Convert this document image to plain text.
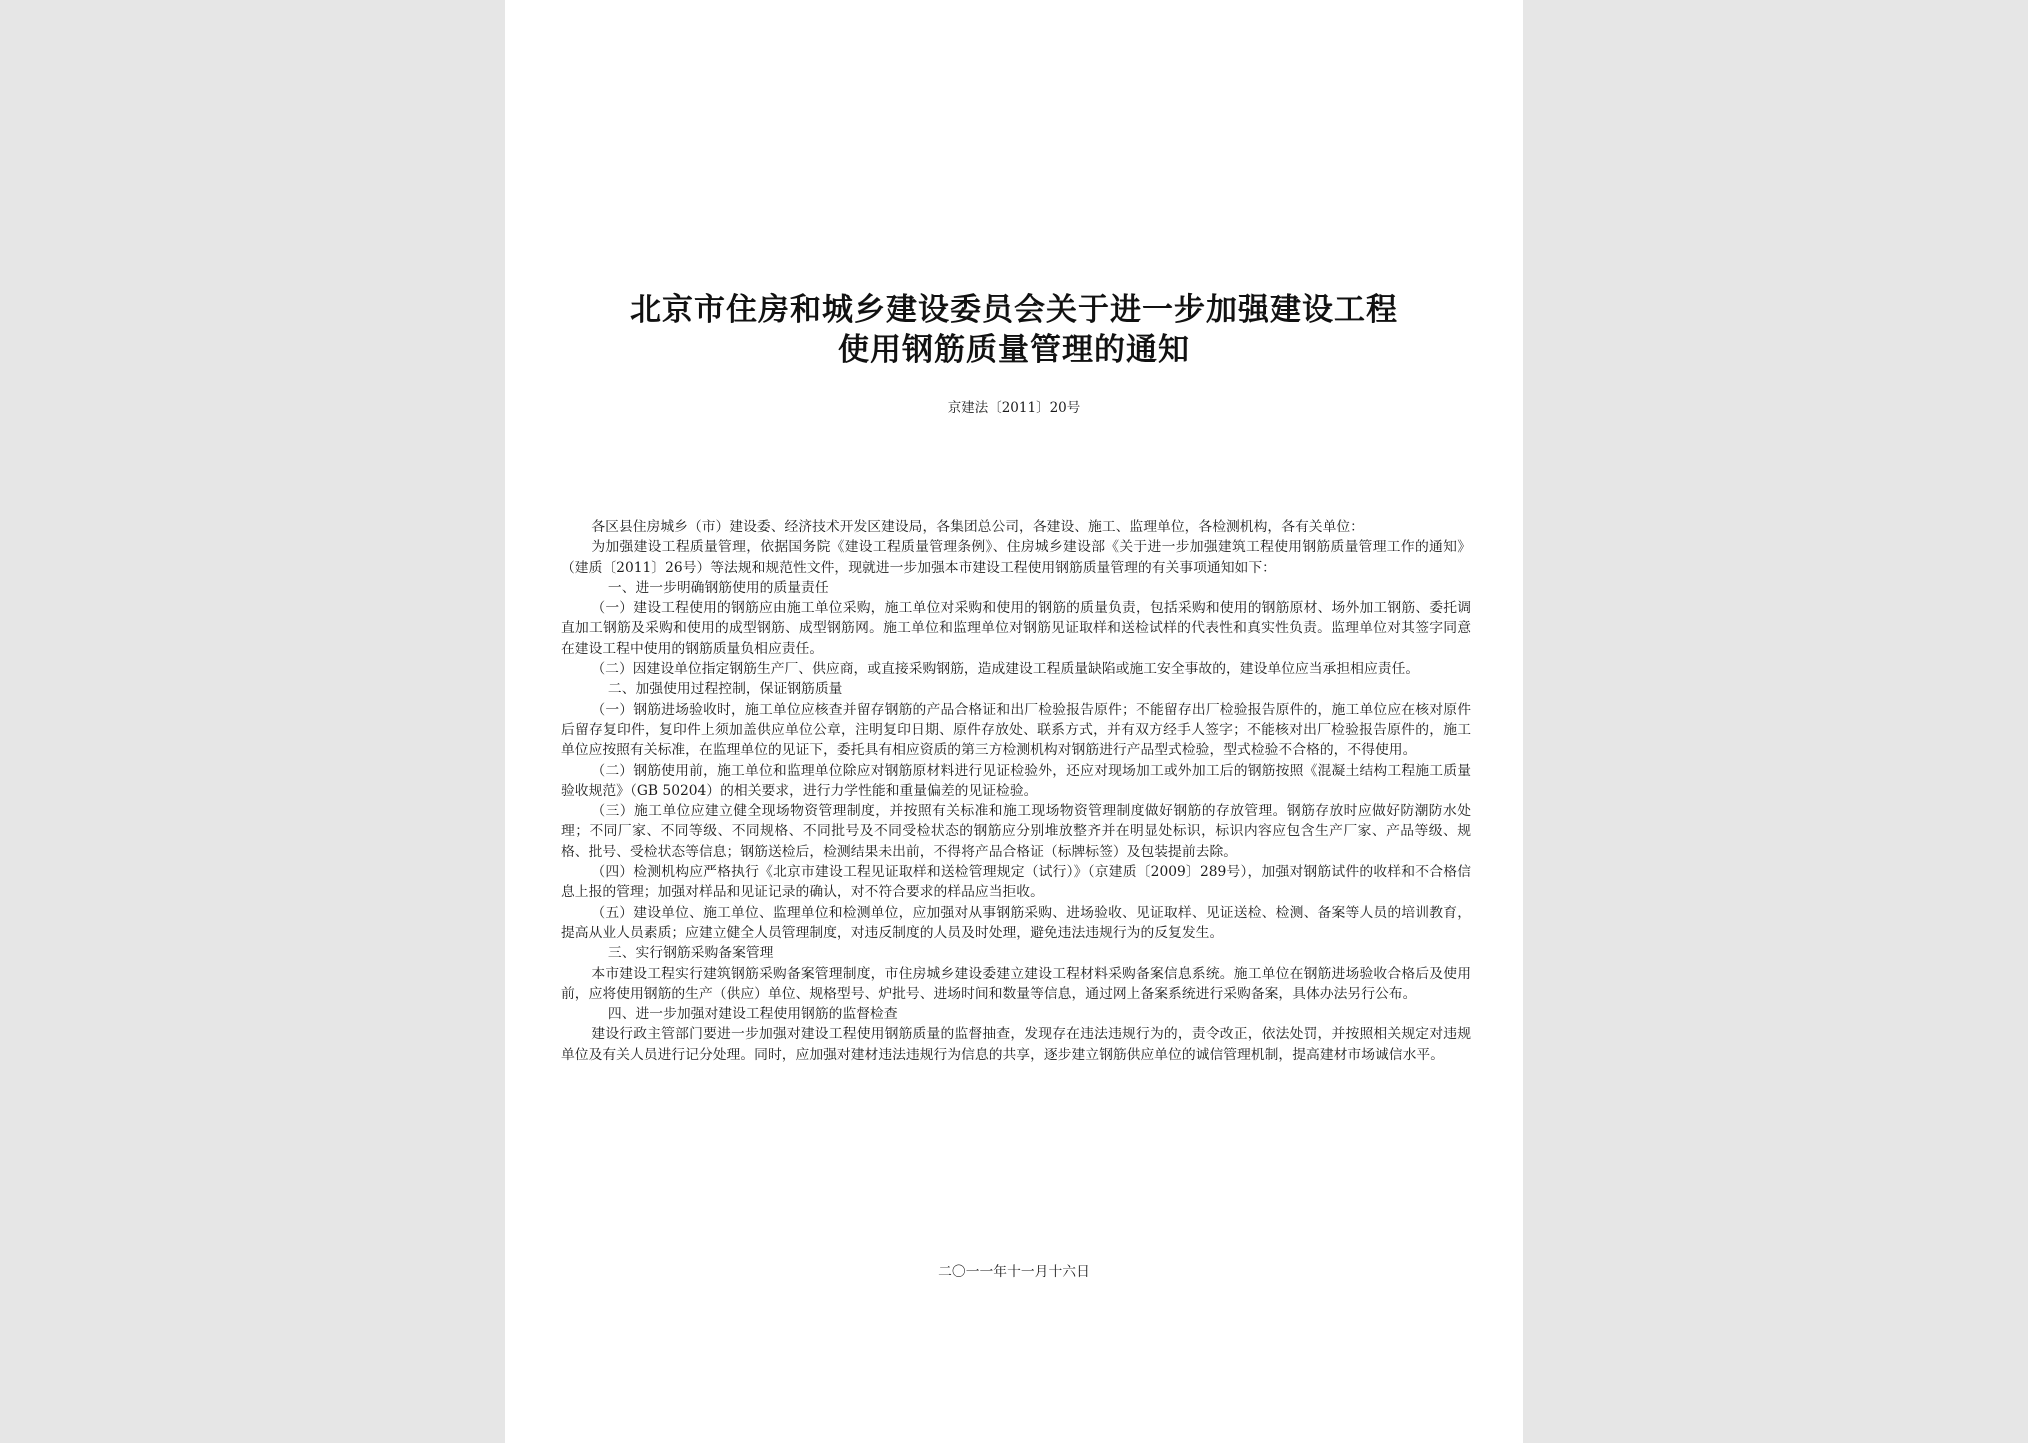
北京市住房和城乡建设委员会关于进一步加强建设工程
使用钢筋质量管理的通知
京建法〔2011〕20号

各区县住房城乡（市）建设委、经济技术开发区建设局，各集团总公司，各建设、施工、监理单位，各检测机构，各有关单位：

为加强建设工程质量管理，依据国务院《建设工程质量管理条例》、住房城乡建设部《关于进一步加强建筑工程使用钢筋质量管理工作的通知》（建质〔2011〕26号）等法规和规范性文件，现就进一步加强本市建设工程使用钢筋质量管理的有关事项通知如下：

一、进一步明确钢筋使用的质量责任

（一）建设工程使用的钢筋应由施工单位采购，施工单位对采购和使用的钢筋的质量负责，包括采购和使用的钢筋原材、场外加工钢筋、委托调直加工钢筋及采购和使用的成型钢筋、成型钢筋网。施工单位和监理单位对钢筋见证取样和送检试样的代表性和真实性负责。监理单位对其签字同意在建设工程中使用的钢筋质量负相应责任。

（二）因建设单位指定钢筋生产厂、供应商，或直接采购钢筋，造成建设工程质量缺陷或施工安全事故的，建设单位应当承担相应责任。

二、加强使用过程控制，保证钢筋质量

（一）钢筋进场验收时，施工单位应核查并留存钢筋的产品合格证和出厂检验报告原件；不能留存出厂检验报告原件的，施工单位应在核对原件后留存复印件，复印件上须加盖供应单位公章，注明复印日期、原件存放处、联系方式，并有双方经手人签字；不能核对出厂检验报告原件的，施工单位应按照有关标准，在监理单位的见证下，委托具有相应资质的第三方检测机构对钢筋进行产品型式检验，型式检验不合格的，不得使用。

（二）钢筋使用前，施工单位和监理单位除应对钢筋原材料进行见证检验外，还应对现场加工或外加工后的钢筋按照《混凝土结构工程施工质量验收规范》（GB 50204）的相关要求，进行力学性能和重量偏差的见证检验。

（三）施工单位应建立健全现场物资管理制度，并按照有关标准和施工现场物资管理制度做好钢筋的存放管理。钢筋存放时应做好防潮防水处理；不同厂家、不同等级、不同规格、不同批号及不同受检状态的钢筋应分别堆放整齐并在明显处标识，标识内容应包含生产厂家、产品等级、规格、批号、受检状态等信息；钢筋送检后，检测结果未出前，不得将产品合格证（标牌标签）及包装提前去除。

（四）检测机构应严格执行《北京市建设工程见证取样和送检管理规定（试行）》（京建质〔2009〕289号），加强对钢筋试件的收样和不合格信息上报的管理；加强对样品和见证记录的确认，对不符合要求的样品应当拒收。

（五）建设单位、施工单位、监理单位和检测单位，应加强对从事钢筋采购、进场验收、见证取样、见证送检、检测、备案等人员的培训教育，提高从业人员素质；应建立健全人员管理制度，对违反制度的人员及时处理，避免违法违规行为的反复发生。

三、实行钢筋采购备案管理

本市建设工程实行建筑钢筋采购备案管理制度，市住房城乡建设委建立建设工程材料采购备案信息系统。施工单位在钢筋进场验收合格后及使用前，应将使用钢筋的生产（供应）单位、规格型号、炉批号、进场时间和数量等信息，通过网上备案系统进行采购备案，具体办法另行公布。

四、进一步加强对建设工程使用钢筋的监督检查

建设行政主管部门要进一步加强对建设工程使用钢筋质量的监督抽查，发现存在违法违规行为的，责令改正，依法处罚，并按照相关规定对违规单位及有关人员进行记分处理。同时，应加强对建材违法违规行为信息的共享，逐步建立钢筋供应单位的诚信管理机制，提高建材市场诚信水平。

二〇一一年十一月十六日
